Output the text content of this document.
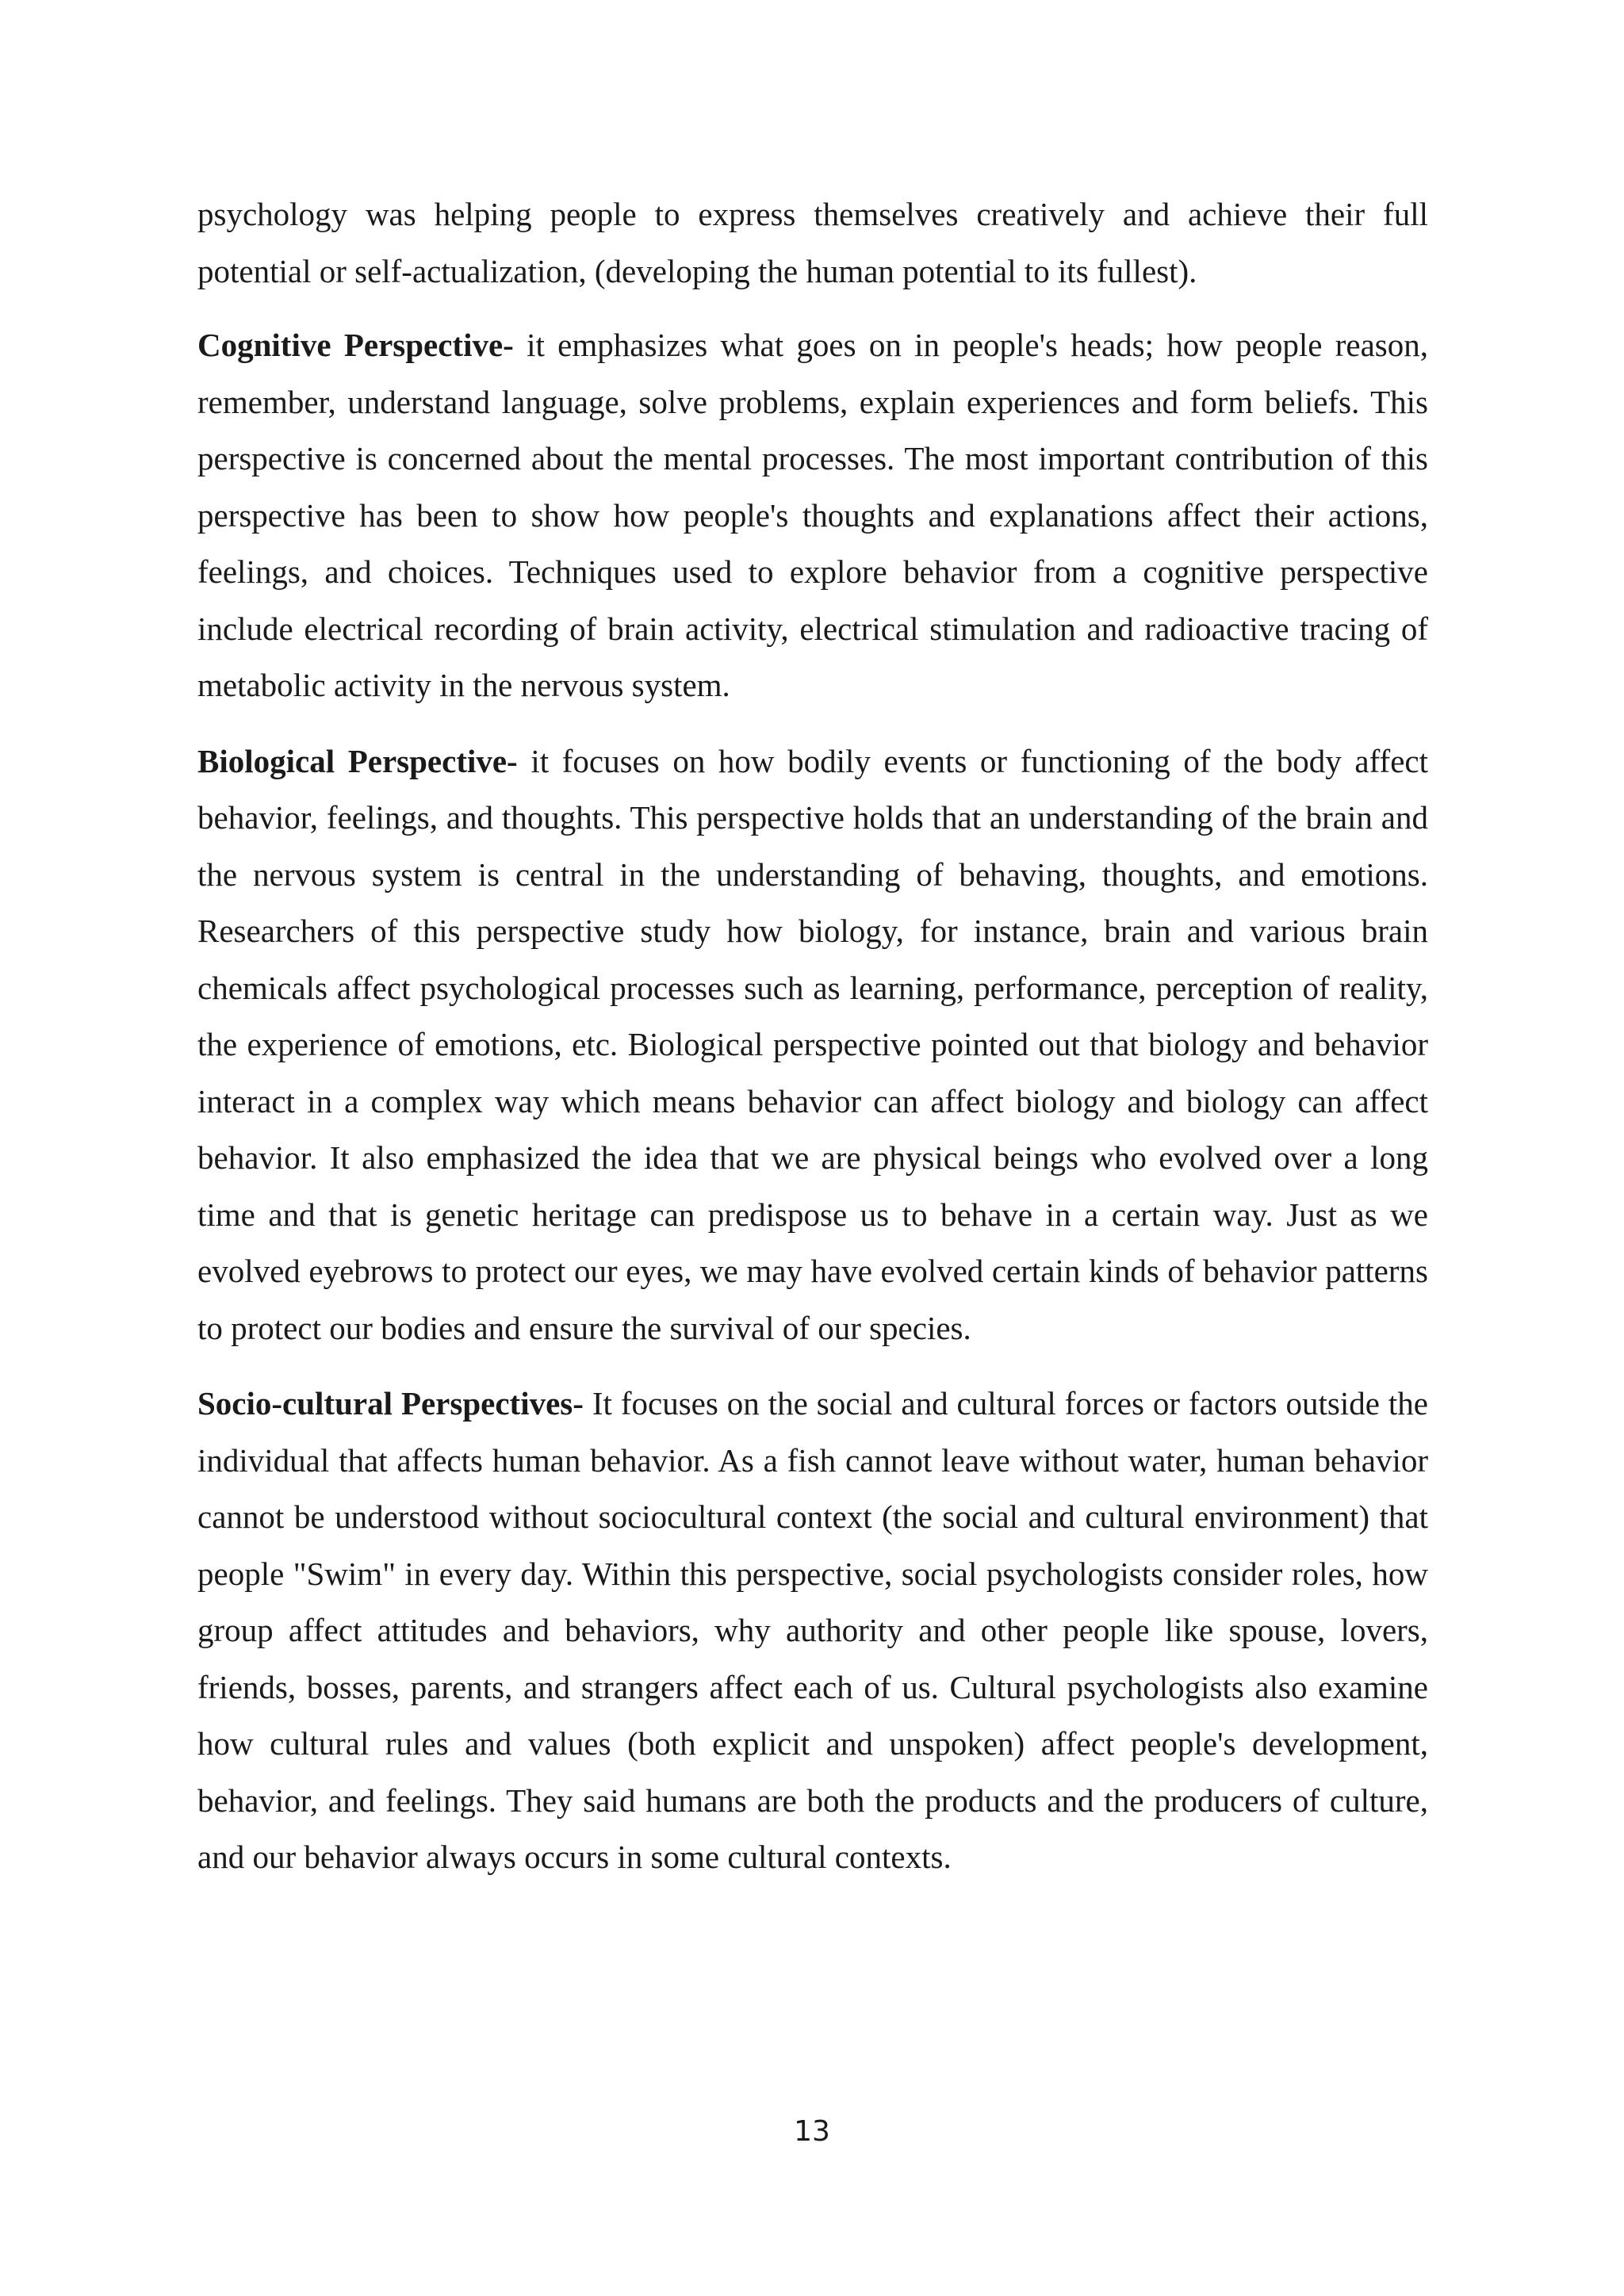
psychology was helping people to express themselves creatively and achieve their full potential or self-actualization, (developing the human potential to its fullest).

Cognitive Perspective- it emphasizes what goes on in people's heads; how people reason, remember, understand language, solve problems, explain experiences and form beliefs. This perspective is concerned about the mental processes. The most important contribution of this perspective has been to show how people's thoughts and explanations affect their actions, feelings, and choices. Techniques used to explore behavior from a cognitive perspective include electrical recording of brain activity, electrical stimulation and radioactive tracing of metabolic activity in the nervous system.

Biological Perspective- it focuses on how bodily events or functioning of the body affect behavior, feelings, and thoughts. This perspective holds that an understanding of the brain and the nervous system is central in the understanding of behaving, thoughts, and emotions. Researchers of this perspective study how biology, for instance, brain and various brain chemicals affect psychological processes such as learning, performance, perception of reality, the experience of emotions, etc. Biological perspective pointed out that biology and behavior interact in a complex way which means behavior can affect biology and biology can affect behavior. It also emphasized the idea that we are physical beings who evolved over a long time and that is genetic heritage can predispose us to behave in a certain way. Just as we evolved eyebrows to protect our eyes, we may have evolved certain kinds of behavior patterns to protect our bodies and ensure the survival of our species.

Socio-cultural Perspectives- It focuses on the social and cultural forces or factors outside the individual that affects human behavior. As a fish cannot leave without water, human behavior cannot be understood without sociocultural context (the social and cultural environment) that people "Swim" in every day. Within this perspective, social psychologists consider roles, how group affect attitudes and behaviors, why authority and other people like spouse, lovers, friends, bosses, parents, and strangers affect each of us. Cultural psychologists also examine how cultural rules and values (both explicit and unspoken) affect people's development, behavior, and feelings. They said humans are both the products and the producers of culture, and our behavior always occurs in some cultural contexts.

13
